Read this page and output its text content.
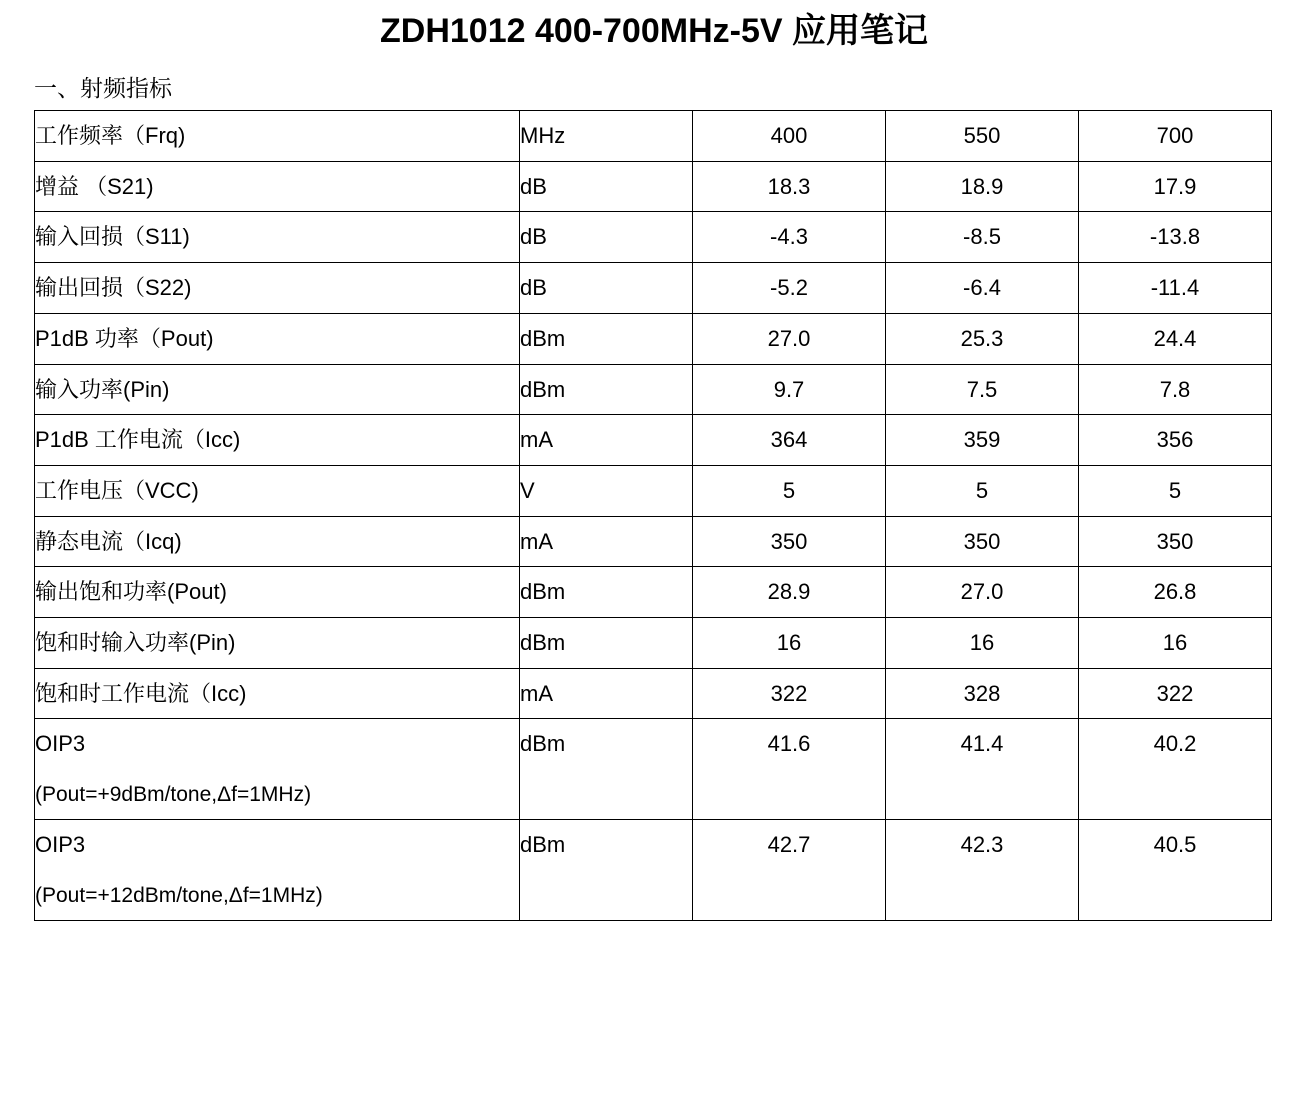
ZDH1012 400-700MHz-5V 应用笔记
一、射频指标
工作频率（Frq)	MHz	400	550	700
增益 （S21)	dB	18.3	18.9	17.9
输入回损（S11)	dB	-4.3	-8.5	-13.8
输出回损（S22)	dB	-5.2	-6.4	-11.4
P1dB 功率（Pout)	dBm	27.0	25.3	24.4
输入功率(Pin)	dBm	9.7	7.5	7.8
P1dB 工作电流（Icc)	mA	364	359	356
工作电压（VCC)	V	5	5	5
静态电流（Icq)	mA	350	350	350
输出饱和功率(Pout)	dBm	28.9	27.0	26.8
饱和时输入功率(Pin)	dBm	16	16	16
饱和时工作电流（Icc)	mA	322	328	322

OIP3
(Pout=+9dBm/tone,Δf=1MHz)	dBm	41.6	41.4	40.2

OIP3
(Pout=+12dBm/tone,Δf=1MHz)	dBm	42.7	42.3	40.5
